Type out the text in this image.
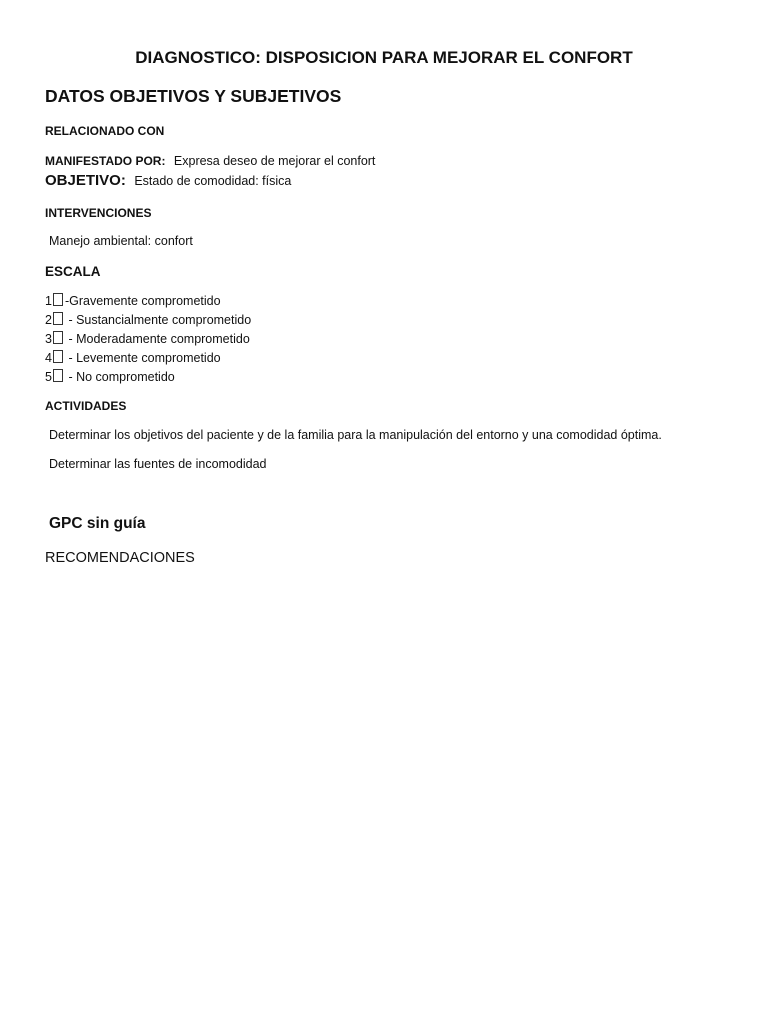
DIAGNOSTICO: DISPOSICION PARA MEJORAR EL CONFORT
DATOS OBJETIVOS Y SUBJETIVOS
RELACIONADO CON
MANIFESTADO POR: Expresa deseo de mejorar el confort
OBJETIVO: Estado de comodidad: física
INTERVENCIONES
Manejo ambiental: confort
ESCALA
1 -Gravemente comprometido
2 - Sustancialmente comprometido
3 - Moderadamente comprometido
4 - Levemente comprometido
5 - No comprometido
ACTIVIDADES
Determinar los objetivos del paciente y de la familia para la manipulación del entorno y una comodidad óptima.
Determinar las fuentes de incomodidad
GPC sin guía
RECOMENDACIONES
